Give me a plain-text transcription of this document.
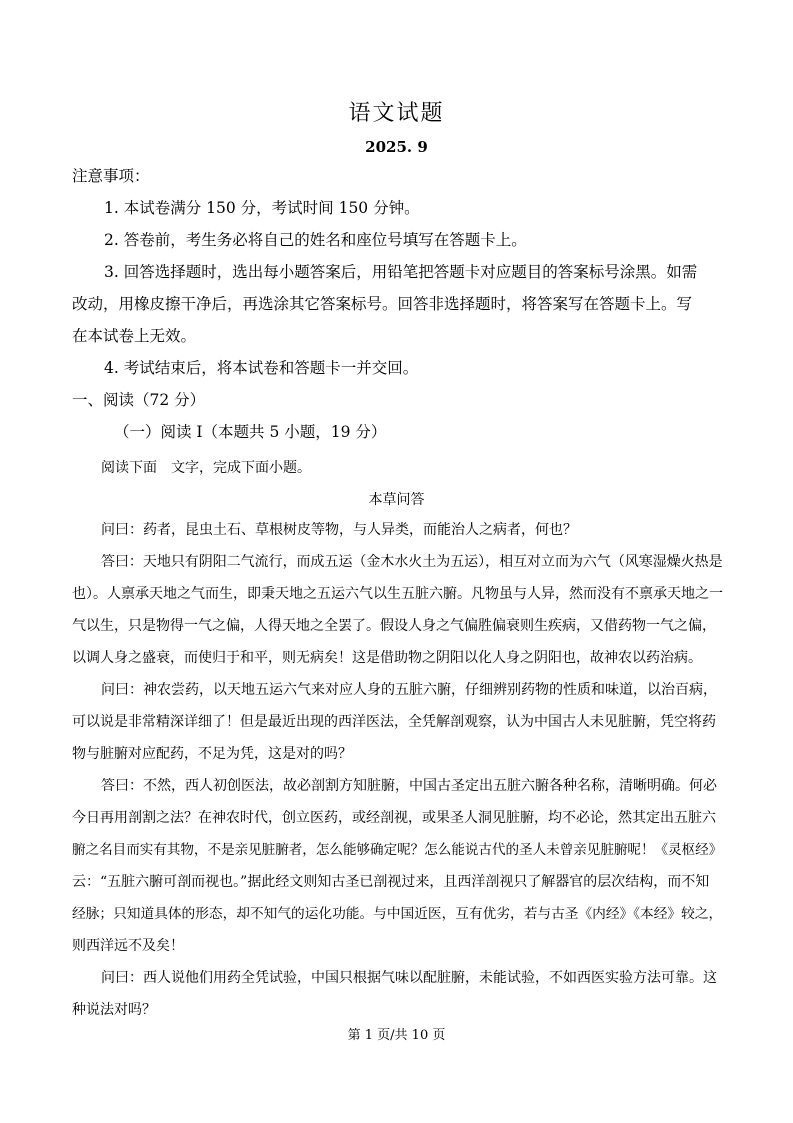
语文试题
2025. 9
注意事项：
1. 本试卷满分 150 分，考试时间 150 分钟。
2. 答卷前，考生务必将自己的姓名和座位号填写在答题卡上。
3. 回答选择题时，选出每小题答案后，用铅笔把答题卡对应题目的答案标号涂黑。如需
改动，用橡皮擦干净后，再选涂其它答案标号。回答非选择题时，将答案写在答题卡上。写
在本试卷上无效。
4. 考试结束后，将本试卷和答题卡一并交回。
一、阅读（72 分）
（一）阅读 I（本题共 5 小题，19 分）
阅读下面　文字，完成下面小题。
本草问答
问曰：药者，昆虫土石、草根树皮等物，与人异类，而能治人之病者，何也？
答曰：天地只有阴阳二气流行，而成五运（金木水火土为五运），相互对立而为六气（风寒湿燥火热是
也）。人禀承天地之气而生，即秉天地之五运六气以生五脏六腑。凡物虽与人异，然而没有不禀承天地之一
气以生，只是物得一气之偏，人得天地之全罢了。假设人身之气偏胜偏衰则生疾病，又借药物一气之偏，
以调人身之盛衰，而使归于和平，则无病矣！这是借助物之阴阳以化人身之阴阳也，故神农以药治病。
问曰：神农尝药，以天地五运六气来对应人身的五脏六腑，仔细辨别药物的性质和味道，以治百病，
可以说是非常精深详细了！但是最近出现的西洋医法，全凭解剖观察，认为中国古人未见脏腑，凭空将药
物与脏腑对应配药，不足为凭，这是对的吗？
答曰：不然，西人初创医法，故必剖割方知脏腑，中国古圣定出五脏六腑各种名称，清晰明确。何必
今日再用剖割之法？在神农时代，创立医药，或经剖视，或果圣人洞见脏腑，均不必论，然其定出五脏六
腑之名目而实有其物，不是亲见脏腑者，怎么能够确定呢？怎么能说古代的圣人未曾亲见脏腑呢！《灵枢经》
云：“五脏六腑可剖而视也。”据此经文则知古圣已剖视过来，且西洋剖视只了解器官的层次结构，而不知
经脉；只知道具体的形态，却不知气的运化功能。与中国近医，互有优劣，若与古圣《内经》《本经》较之，
则西洋远不及矣！
问曰：西人说他们用药全凭试验，中国只根据气味以配脏腑，未能试验，不如西医实验方法可靠。这
种说法对吗？
第 1 页/共 10 页
